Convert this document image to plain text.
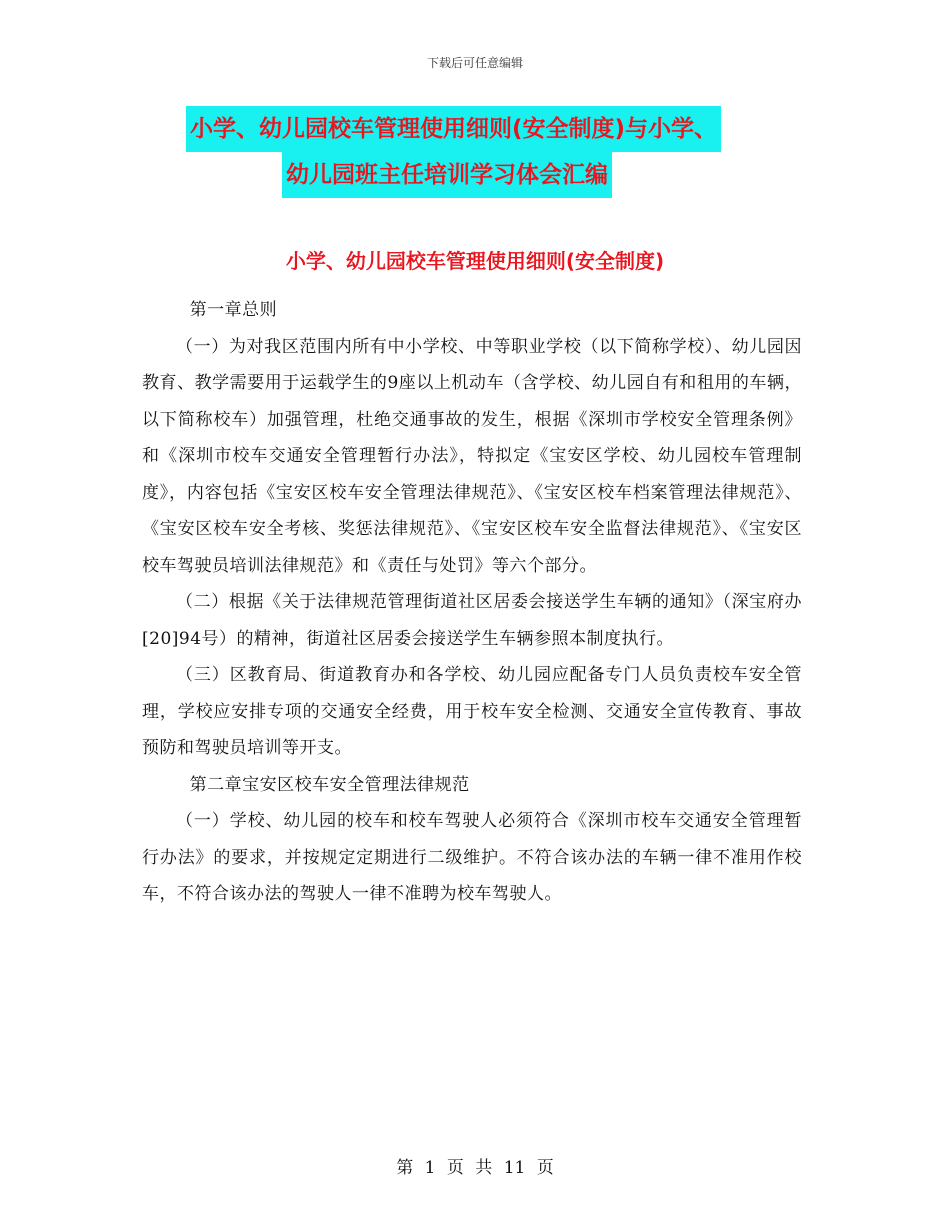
下载后可任意编辑
小学、幼儿园校车管理使用细则(安全制度)与小学、
幼儿园班主任培训学习体会汇编
小学、幼儿园校车管理使用细则(安全制度)

第一章总则

（一）为对我区范围内所有中小学校、中等职业学校（以下简称学校）、幼儿园因教育、教学需要用于运载学生的9座以上机动车（含学校、幼儿园自有和租用的车辆，以下简称校车）加强管理，杜绝交通事故的发生，根据《深圳市学校安全管理条例》和《深圳市校车交通安全管理暂行办法》，特拟定《宝安区学校、幼儿园校车管理制度》，内容包括《宝安区校车安全管理法律规范》、《宝安区校车档案管理法律规范》、《宝安区校车安全考核、奖惩法律规范》、《宝安区校车安全监督法律规范》、《宝安区校车驾驶员培训法律规范》和《责任与处罚》等六个部分。

（二）根据《关于法律规范管理街道社区居委会接送学生车辆的通知》（深宝府办[20]94号）的精神，街道社区居委会接送学生车辆参照本制度执行。

（三）区教育局、街道教育办和各学校、幼儿园应配备专门人员负责校车安全管理，学校应安排专项的交通安全经费，用于校车安全检测、交通安全宣传教育、事故预防和驾驶员培训等开支。

第二章宝安区校车安全管理法律规范

（一）学校、幼儿园的校车和校车驾驶人必须符合《深圳市校车交通安全管理暂行办法》的要求，并按规定定期进行二级维护。不符合该办法的车辆一律不准用作校车，不符合该办法的驾驶人一律不准聘为校车驾驶人。

第 1 页 共 11 页
